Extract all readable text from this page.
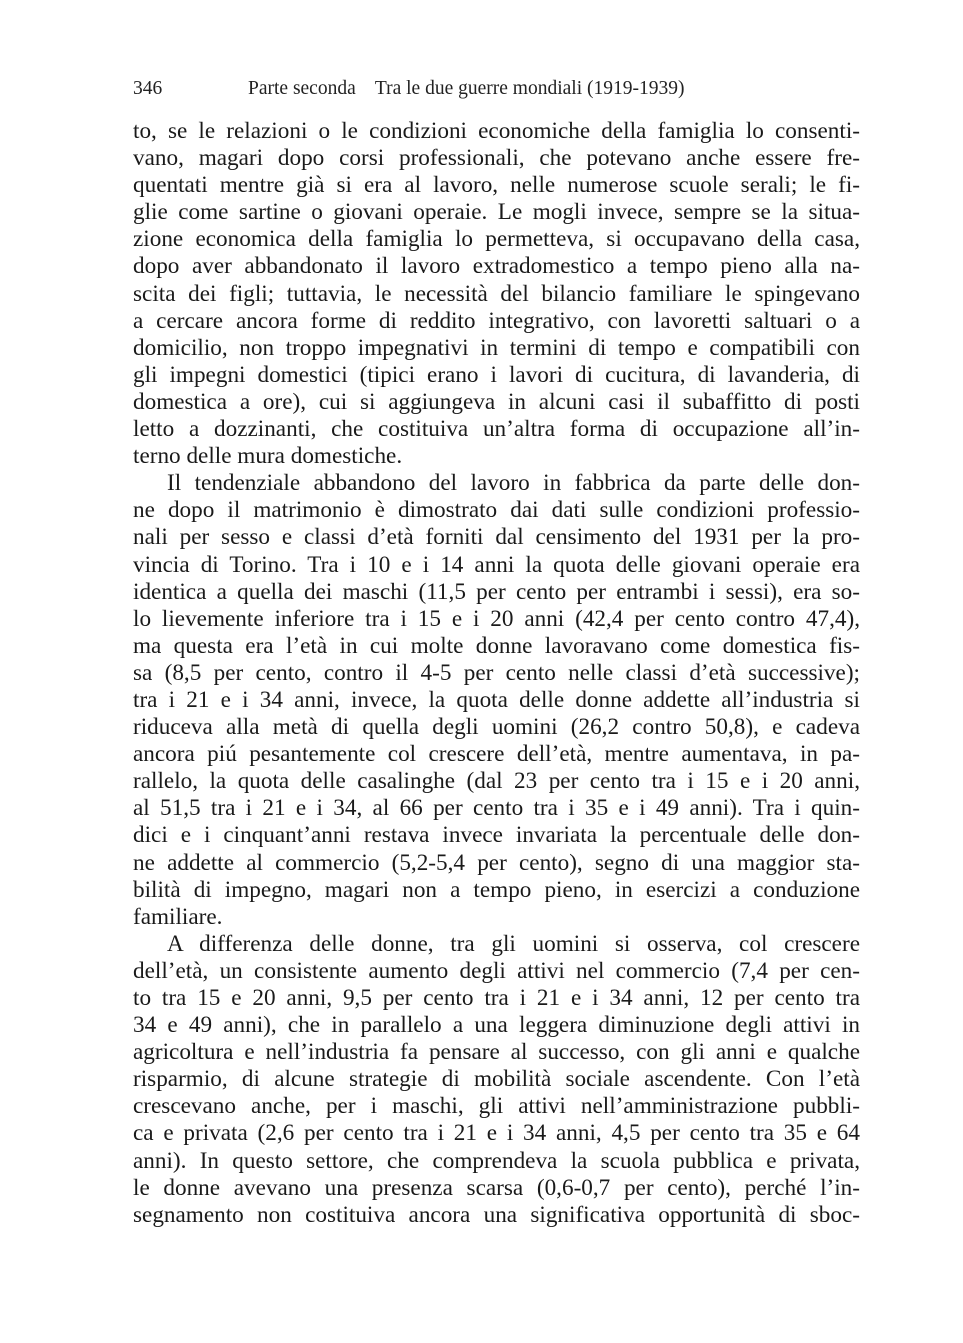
346	Parte seconda    Tra le due guerre mondiali (1919-1939)
to, se le relazioni o le condizioni economiche della famiglia lo consenti-
vano, magari dopo corsi professionali, che potevano anche essere fre-
quentati mentre già si era al lavoro, nelle numerose scuole serali; le fi-
glie come sartine o giovani operaie. Le mogli invece, sempre se la situa-
zione economica della famiglia lo permetteva, si occupavano della casa,
dopo aver abbandonato il lavoro extradomestico a tempo pieno alla na-
scita dei figli; tuttavia, le necessità del bilancio familiare le spingevano
a cercare ancora forme di reddito integrativo, con lavoretti saltuari o a
domicilio, non troppo impegnativi in termini di tempo e compatibili con
gli impegni domestici (tipici erano i lavori di cucitura, di lavanderia, di
domestica a ore), cui si aggiungeva in alcuni casi il subaffitto di posti
letto a dozzinanti, che costituiva un’altra forma di occupazione all’in-
terno delle mura domestiche.
Il tendenziale abbandono del lavoro in fabbrica da parte delle don-
ne dopo il matrimonio è dimostrato dai dati sulle condizioni professio-
nali per sesso e classi d’età forniti dal censimento del 1931 per la pro-
vincia di Torino. Tra i 10 e i 14 anni la quota delle giovani operaie era
identica a quella dei maschi (11,5 per cento per entrambi i sessi), era so-
lo lievemente inferiore tra i 15 e i 20 anni (42,4 per cento contro 47,4),
ma questa era l’età in cui molte donne lavoravano come domestica fis-
sa (8,5 per cento, contro il 4-5 per cento nelle classi d’età successive);
tra i 21 e i 34 anni, invece, la quota delle donne addette all’industria si
riduceva alla metà di quella degli uomini (26,2 contro 50,8), e cadeva
ancora piú pesantemente col crescere dell’età, mentre aumentava, in pa-
rallelo, la quota delle casalinghe (dal 23 per cento tra i 15 e i 20 anni,
al 51,5 tra i 21 e i 34, al 66 per cento tra i 35 e i 49 anni). Tra i quin-
dici e i cinquant’anni restava invece invariata la percentuale delle don-
ne addette al commercio (5,2-5,4 per cento), segno di una maggior sta-
bilità di impegno, magari non a tempo pieno, in esercizi a conduzione
familiare.
A differenza delle donne, tra gli uomini si osserva, col crescere
dell’età, un consistente aumento degli attivi nel commercio (7,4 per cen-
to tra 15 e 20 anni, 9,5 per cento tra i 21 e i 34 anni, 12 per cento tra
34 e 49 anni), che in parallelo a una leggera diminuzione degli attivi in
agricoltura e nell’industria fa pensare al successo, con gli anni e qualche
risparmio, di alcune strategie di mobilità sociale ascendente. Con l’età
crescevano anche, per i maschi, gli attivi nell’amministrazione pubbli-
ca e privata (2,6 per cento tra i 21 e i 34 anni, 4,5 per cento tra 35 e 64
anni). In questo settore, che comprendeva la scuola pubblica e privata,
le donne avevano una presenza scarsa (0,6-0,7 per cento), perché l’in-
segnamento non costituiva ancora una significativa opportunità di sboc-
